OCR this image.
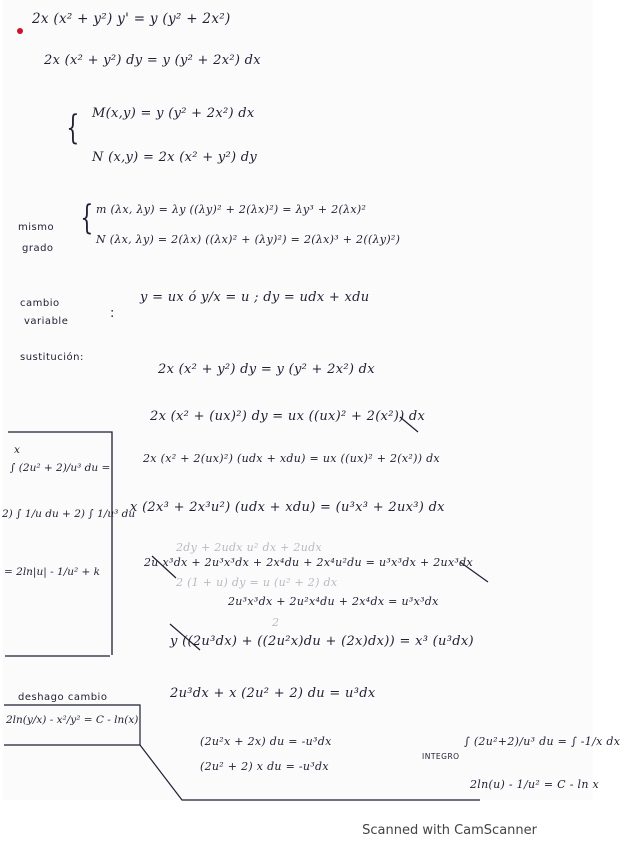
2x (x² + y²) y' = y (y² + 2x²)
2x (x² + y²) dy = y (y² + 2x²) dx
{ M(x,y) = y (y² + 2x²) dx
N (x,y) = 2x (x² + y²) dy
mismo
grado
{ m (λx, λy) = λy ((λy)² + 2(λx)²) = λy³ + 2(λx)²
N (λx, λy) = 2(λx) ((λx)² + (λy)²) = 2(λx)³ + 2((λy)²)
cambio
variable
:
y = ux ó y/x = u ; dy = udx + xdu
sustitución:
2x (x² + y²) dy = y (y² + 2x²) dx
2x (x² + (ux)²) dy = ux ((ux)² + 2(x²)) dx
2x (x² + 2(ux)²) (udx + xdu) = ux ((ux)² + 2(x²)) dx
x (2x³ + 2x³u²) (udx + xdu) = (u³x³ + 2ux³) dx
2dy + 2udx u² dx + 2udx
2u x³dx + 2u³x³dx + 2x⁴du + 2x⁴u²du = u³x³dx + 2ux³dx
2 (1 + u) dy = u (u² + 2) dx
2u³x³dx + 2u²x⁴du + 2x⁴dx = u³x³dx
2
y ((2u³dx) + ((2u²x)du + (2x)dx)) = x³ (u³dx)
deshago cambio	2u³dx + x (2u² + 2) du = u³dx
(2u²x + 2x) du = -u³dx
(2u² + 2) x du = -u³dx
INTEGRO
∫ (2u²+2)/u³ du = ∫ -1/x dx
2ln(u) - 1/u² = C - ln x
x
∫ (2u² + 2)/u³ du =
2) ∫ 1/u du + 2) ∫ 1/u³ du
= 2ln|u| - 1/u² + k
2ln(y/x) - x²/y² = C - ln(x)
Scanned with CamScanner
